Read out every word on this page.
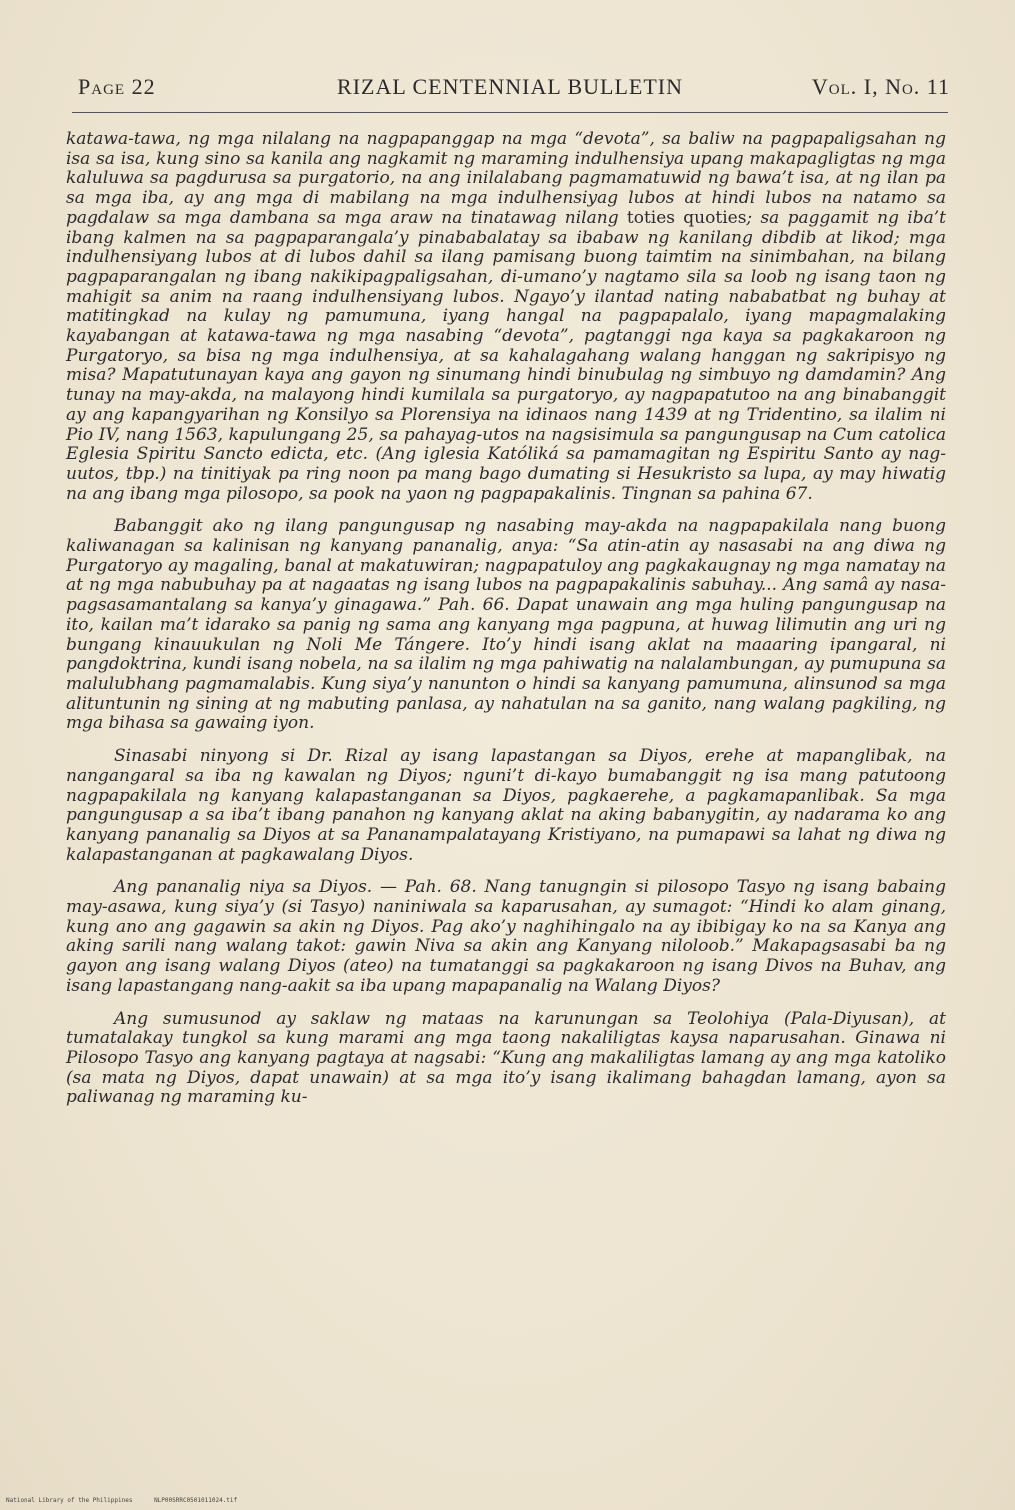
Page 22	RIZAL CENTENNIAL BULLETIN	Vol. I, No. 11

katawa-tawa, ng mga nilalang na nagpapanggap na mga “devota”, sa baliw na pagpapaligsahan ng isa sa isa, kung sino sa kanila ang nagkamit ng maraming indulhensiya upang makapagligtas ng mga kaluluwa sa pagdurusa sa purgatorio, na ang inilalabang pagmamatuwid ng bawa’t isa, at ng ilan pa sa mga iba, ay ang mga di mabilang na mga indulhensiyag lubos at hindi lubos na natamo sa pagdalaw sa mga dambana sa mga araw na tinatawag nilang toties quoties; sa paggamit ng iba’t ibang kalmen na sa pagpaparangala’y pinababalatay sa ibabaw ng kanilang dibdib at likod; mga indulhensiyang lubos at di lubos dahil sa ilang pamisang buong taimtim na sinimbahan, na bilang pagpaparangalan ng ibang nakikipagpaligsahan, di-umano’y nagtamo sila sa loob ng isang taon ng mahigit sa anim na raang indulhensiyang lubos. Ngayo’y ilantad nating nababatbat ng buhay at matitingkad na kulay ng pamumuna, iyang hangal na pagpapalalo, iyang mapagmalaking kayabangan at katawa-tawa ng mga nasabing “devota”, pagtanggi nga kaya sa pagkakaroon ng Purgatoryo, sa bisa ng mga indulhensiya, at sa kahalagahang walang hanggan ng sakripisyo ng misa? Mapatutunayan kaya ang gayon ng sinumang hindi binubulag ng simbuyo ng damdamin? Ang tunay na may-akda, na malayong hindi kumilala sa purgatoryo, ay nagpapatutoo na ang binabanggit ay ang kapangyarihan ng Konsilyo sa Plorensiya na idinaos nang 1439 at ng Tridentino, sa ilalim ni Pio IV, nang 1563, kapulungang 25, sa pahayag-utos na nagsisimula sa pangungusap na Cum catolica Eglesia Spiritu Sancto edicta, etc. (Ang iglesia Katóliká sa pamamagitan ng Espiritu Santo ay nag-uutos, tbp.) na tinitiyak pa ring noon pa mang bago dumating si Hesukristo sa lupa, ay may hiwatig na ang ibang mga pilosopo, sa pook na yaon ng pagpapakalinis. Tingnan sa pahina 67.

Babanggit ako ng ilang pangungusap ng nasabing may-akda na nagpapakilala nang buong kaliwanagan sa kalinisan ng kanyang pananalig, anya: “Sa atin-atin ay nasasabi na ang diwa ng Purgatoryo ay magaling, banal at makatuwiran; nagpapatuloy ang pagkakaugnay ng mga namatay na at ng mga nabubuhay pa at nagaatas ng isang lubos na pagpapakalinis sabuhay... Ang samâ ay nasa-pagsasamantalang sa kanya’y ginagawa.” Pah. 66. Dapat unawain ang mga huling pangungusap na ito, kailan ma’t idarako sa panig ng sama ang kanyang mga pagpuna, at huwag lilimutin ang uri ng bungang kinauukulan ng Noli Me Tángere. Ito’y hindi isang aklat na maaaring ipangaral, ni pangdoktrina, kundi isang nobela, na sa ilalim ng mga pahiwatig na nalalambungan, ay pumupuna sa malulubhang pagmamalabis. Kung siya’y nanunton o hindi sa kanyang pamumuna, alinsunod sa mga alituntunin ng sining at ng mabuting panlasa, ay nahatulan na sa ganito, nang walang pagkiling, ng mga bihasa sa gawaing iyon.

Sinasabi ninyong si Dr. Rizal ay isang lapastangan sa Diyos, erehe at mapanglibak, na nangangaral sa iba ng kawalan ng Diyos; nguni’t di-kayo bumabanggit ng isa mang patutoong nagpapakilala ng kanyang kalapastanganan sa Diyos, pagkaerehe, a pagkamapanlibak. Sa mga pangungusap a sa iba’t ibang panahon ng kanyang aklat na aking babanygitin, ay nadarama ko ang kanyang pananalig sa Diyos at sa Pananampalatayang Kristiyano, na pumapawi sa lahat ng diwa ng kalapastanganan at pagkawalang Diyos.

Ang pananalig niya sa Diyos. — Pah. 68. Nang tanugngin si pilosopo Tasyo ng isang babaing may-asawa, kung siya’y (si Tasyo) naniniwala sa kaparusahan, ay sumagot: “Hindi ko alam ginang, kung ano ang gagawin sa akin ng Diyos. Pag ako’y naghihingalo na ay ibibigay ko na sa Kanya ang aking sarili nang walang takot: gawin Niva sa akin ang Kanyang niloloob.” Makapagsasabi ba ng gayon ang isang walang Diyos (ateo) na tumatanggi sa pagkakaroon ng isang Divos na Buhav, ang isang lapastangang nang-aakit sa iba upang mapapanalig na Walang Diyos?

Ang sumusunod ay saklaw ng mataas na karunungan sa Teolohiya (Pala-Diyusan), at tumatalakay tungkol sa kung marami ang mga taong nakaliligtas kaysa naparusahan. Ginawa ni Pilosopo Tasyo ang kanyang pagtaya at nagsabi: “Kung ang makaliligtas lamang ay ang mga katoliko (sa mata ng Diyos, dapat unawain) at sa mga ito’y isang ikalimang bahagdan lamang, ayon sa paliwanag ng maraming ku-

National Library of the Philippines	NLP00SRRC0501011024.tif
